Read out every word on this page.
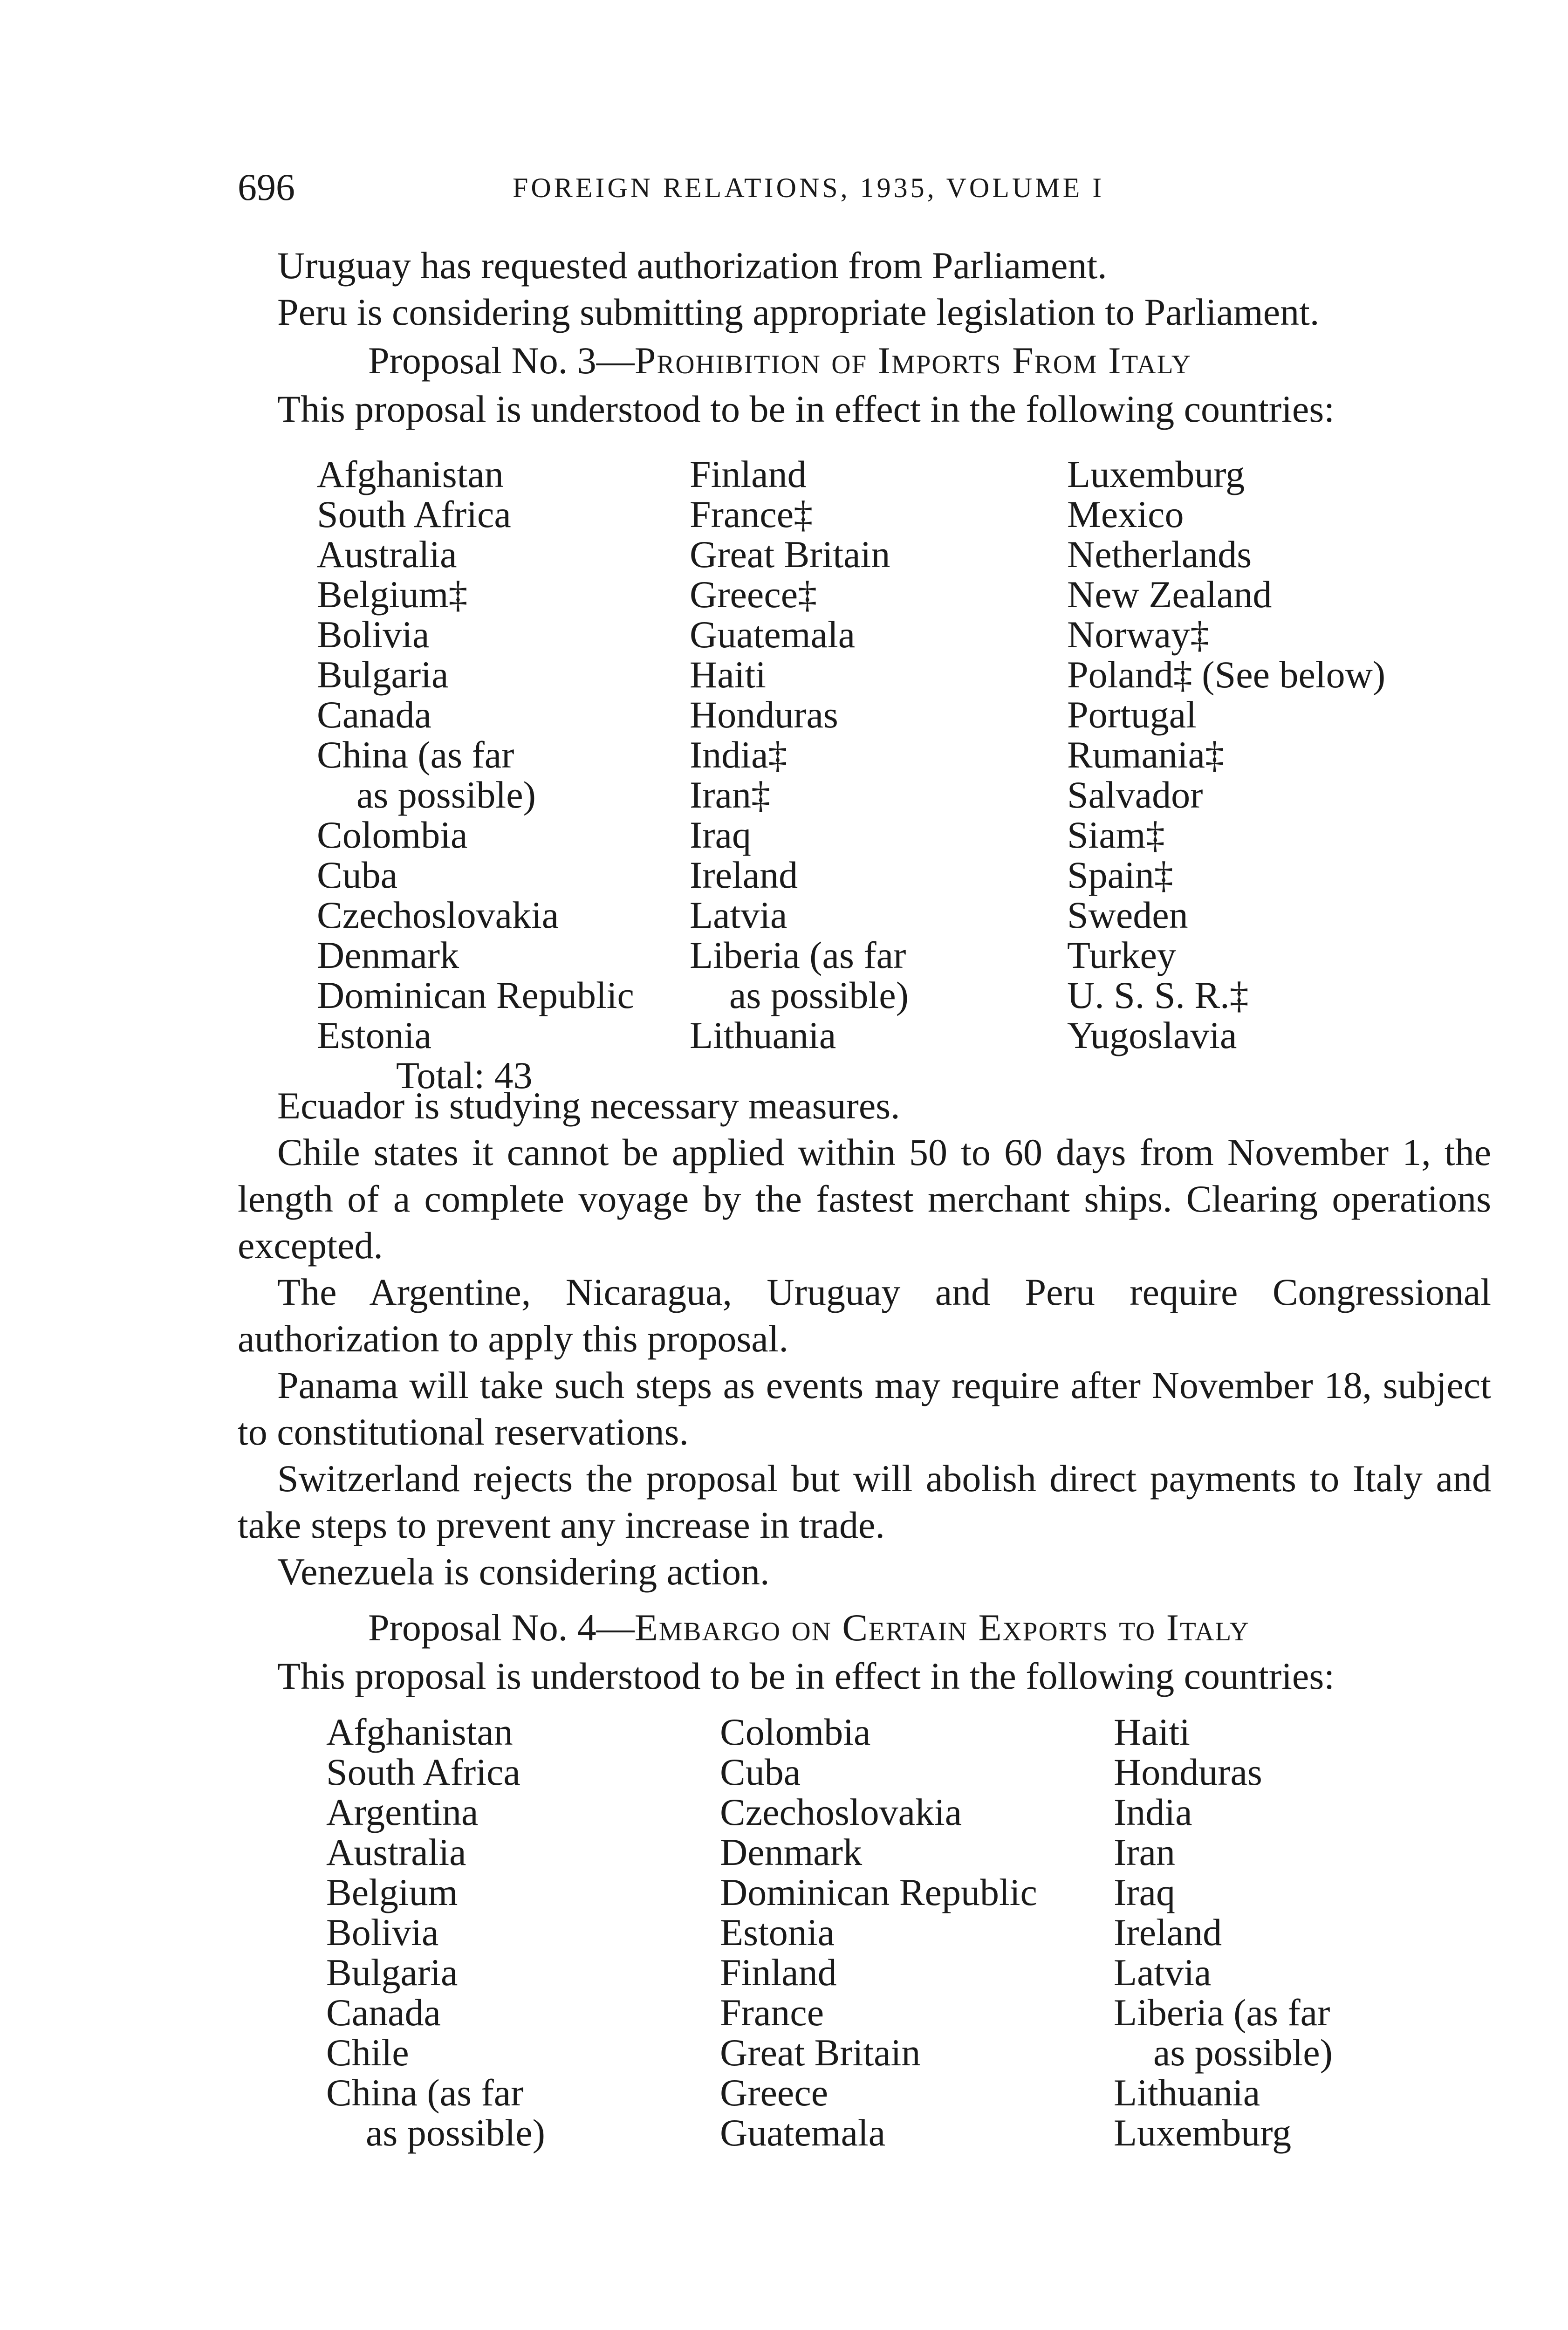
696	FOREIGN RELATIONS, 1935, VOLUME I

Uruguay has requested authorization from Parliament.

Peru is considering submitting appropriate legislation to Parliament.

Proposal No. 3—Prohibition of Imports From Italy

This proposal is understood to be in effect in the following countries:

Afghanistan
South Africa
Australia
Belgium‡
Bolivia
Bulgaria
Canada
China (as far
as possible)
Colombia
Cuba
Czechoslovakia
Denmark
Dominican Republic
Estonia
Finland
France‡
Great Britain
Greece‡
Guatemala
Haiti
Honduras
India‡
Iran‡
Iraq
Ireland
Latvia
Liberia (as far
as possible)
Lithuania
Luxemburg
Mexico
Netherlands
New Zealand
Norway‡
Poland‡ (See below)
Portugal
Rumania‡
Salvador
Siam‡
Spain‡
Sweden
Turkey
U. S. S. R.‡
Yugoslavia
Total: 43

Ecuador is studying necessary measures.

Chile states it cannot be applied within 50 to 60 days from November 1, the length of a complete voyage by the fastest merchant ships. Clearing operations excepted.

The Argentine, Nicaragua, Uruguay and Peru require Congressional authorization to apply this proposal.

Panama will take such steps as events may require after November 18, subject to constitutional reservations.

Switzerland rejects the proposal but will abolish direct payments to Italy and take steps to prevent any increase in trade.

Venezuela is considering action.

Proposal No. 4—Embargo on Certain Exports to Italy

This proposal is understood to be in effect in the following countries:

Afghanistan
South Africa
Argentina
Australia
Belgium
Bolivia
Bulgaria
Canada
Chile
China (as far
as possible)
Colombia
Cuba
Czechoslovakia
Denmark
Dominican Republic
Estonia
Finland
France
Great Britain
Greece
Guatemala
Haiti
Honduras
India
Iran
Iraq
Ireland
Latvia
Liberia (as far
as possible)
Lithuania
Luxemburg
